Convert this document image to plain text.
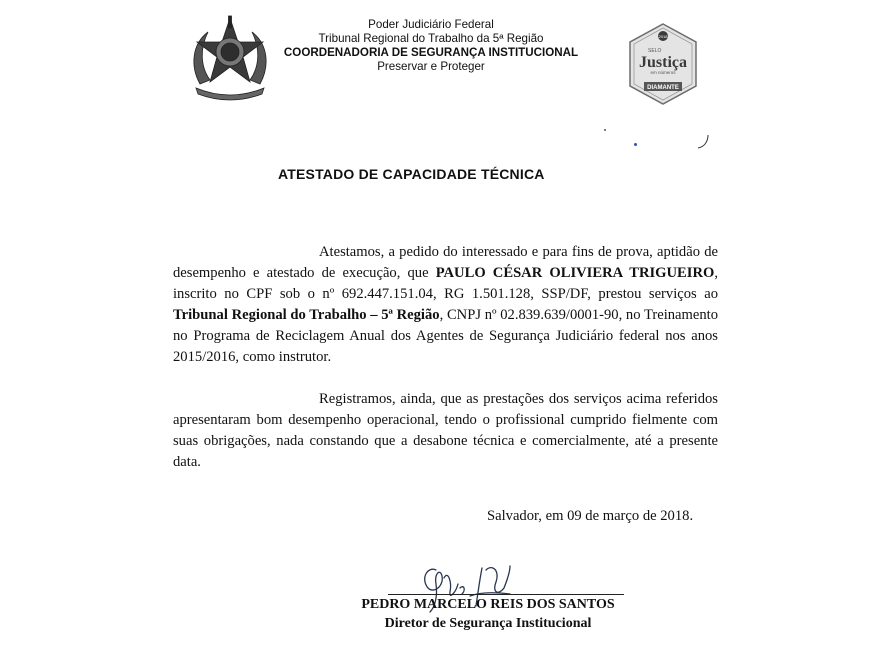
Poder Judiciário Federal
Tribunal Regional do Trabalho da 5ª Região
COORDENADORIA DE SEGURANÇA INSTITUCIONAL
Preservar e Proteger
2018
SELO
Justiça
em números
DIAMANTE
ATESTADO DE CAPACIDADE TÉCNICA
Atestamos, a pedido do interessado e para fins de prova, aptidão de desempenho e atestado de execução, que PAULO CÉSAR OLIVIERA TRIGUEIRO, inscrito no CPF sob o nº 692.447.151.04, RG 1.501.128, SSP/DF, prestou serviços ao Tribunal Regional do Trabalho – 5ª Região, CNPJ nº 02.839.639/0001-90, no Treinamento no Programa de Reciclagem Anual dos Agentes de Segurança Judiciário federal nos anos 2015/2016, como instrutor.
Registramos, ainda, que as prestações dos serviços acima referidos apresentaram bom desempenho operacional, tendo o profissional cumprido fielmente com suas obrigações, nada constando que a desabone técnica e comercialmente, até a presente data.
Salvador, em 09 de março de 2018.
PEDRO MARCELO REIS DOS SANTOS
Diretor de Segurança Institucional
